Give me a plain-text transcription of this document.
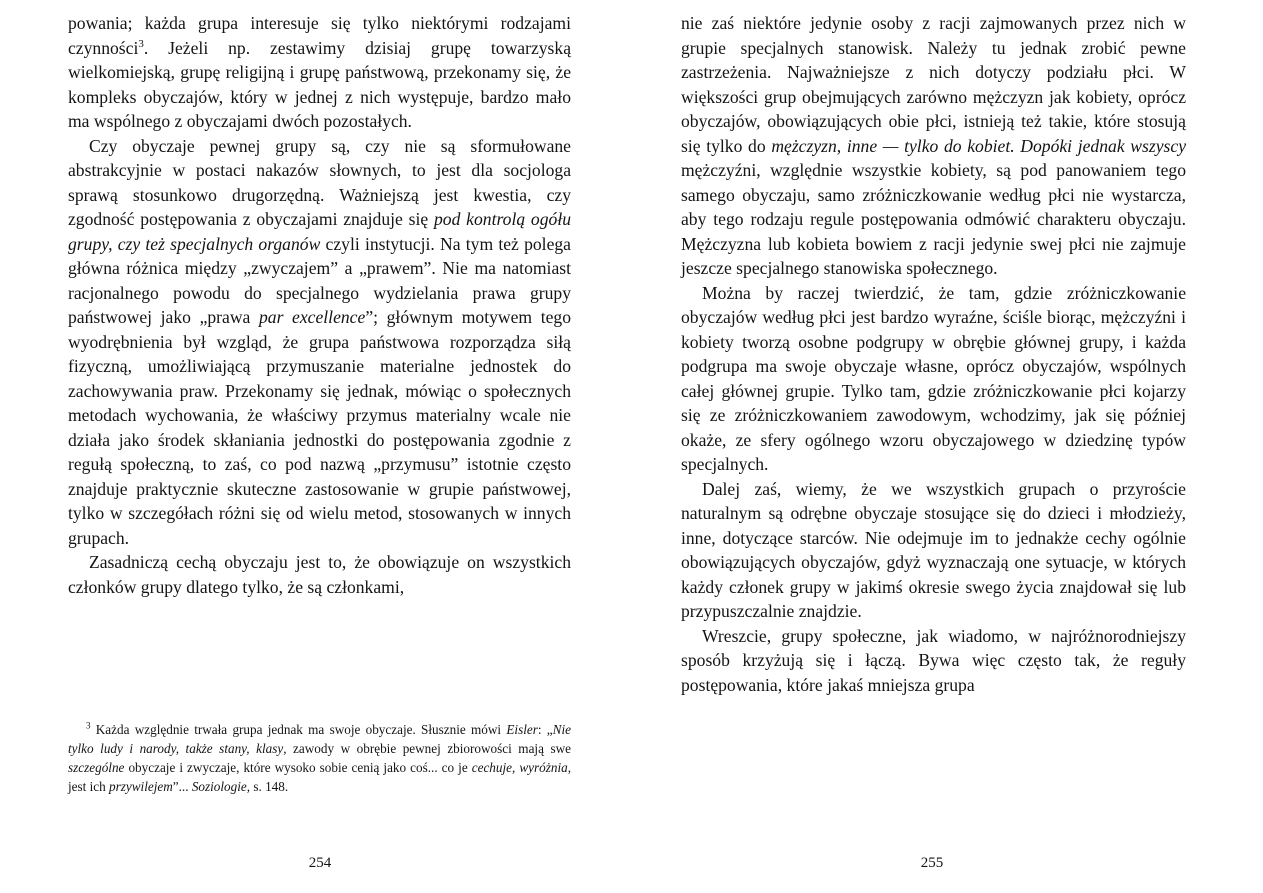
powania; każda grupa interesuje się tylko niektórymi rodzajami czynności$^3$. Jeżeli np. zestawimy dzisiaj grupę towarzyską wielkomiejską, grupę religijną i grupę państwową, przekonamy się, że kompleks obyczajów, który w jednej z nich występuje, bardzo mało ma wspólnego z obyczajami dwóch pozostałych.

Czy obyczaje pewnej grupy są, czy nie są sformułowane abstrakcyjnie w postaci nakazów słownych, to jest dla socjologa sprawą stosunkowo drugorzędną. Ważniejszą jest kwestia, czy zgodność postępowania z obyczajami znajduje się pod kontrolą ogółu grupy, czy też specjalnych organów czyli instytucji. Na tym też polega główna różnica między „zwyczajem” a „prawem”. Nie ma natomiast racjonalnego powodu do specjalnego wydzielania prawa grupy państwowej jako „prawa par excellence”; głównym motywem tego wyodrębnienia był wzgląd, że grupa państwowa rozporządza siłą fizyczną, umożliwiającą przymuszanie materialne jednostek do zachowywania praw. Przekonamy się jednak, mówiąc o społecznych metodach wychowania, że właściwy przymus materialny wcale nie działa jako środek skłaniania jednostki do postępowania zgodnie z regułą społeczną, to zaś, co pod nazwą „przymusu” istotnie często znajduje praktycznie skuteczne zastosowanie w grupie państwowej, tylko w szczegółach różni się od wielu metod, stosowanych w innych grupach.

Zasadniczą cechą obyczaju jest to, że obowiązuje on wszystkich członków grupy dlatego tylko, że są członkami,

$^3$ Każda względnie trwała grupa jednak ma swoje obyczaje. Słusznie mówi Eisler: „Nie tylko ludy i narody, także stany, klasy, zawody w obrębie pewnej zbiorowości mają swe szczególne obyczaje i zwyczaje, które wysoko sobie cenią jako coś... co je cechuje, wyróżnia, jest ich przywilejem”... Soziologie, s. 148.

254

nie zaś niektóre jedynie osoby z racji zajmowanych przez nich w grupie specjalnych stanowisk. Należy tu jednak zrobić pewne zastrzeżenia. Najważniejsze z nich dotyczy podziału płci. W większości grup obejmujących zarówno mężczyzn jak kobiety, oprócz obyczajów, obowiązujących obie płci, istnieją też takie, które stosują się tylko do mężczyzn, inne — tylko do kobiet. Dopóki jednak wszyscy mężczyźni, względnie wszystkie kobiety, są pod panowaniem tego samego obyczaju, samo zróżniczkowanie według płci nie wystarcza, aby tego rodzaju regule postępowania odmówić charakteru obyczaju. Mężczyzna lub kobieta bowiem z racji jedynie swej płci nie zajmuje jeszcze specjalnego stanowiska społecznego.

Można by raczej twierdzić, że tam, gdzie zróżniczkowanie obyczajów według płci jest bardzo wyraźne, ściśle biorąc, mężczyźni i kobiety tworzą osobne podgrupy w obrębie głównej grupy, i każda podgrupa ma swoje obyczaje własne, oprócz obyczajów, wspólnych całej głównej grupie. Tylko tam, gdzie zróżniczkowanie płci kojarzy się ze zróżniczkowaniem zawodowym, wchodzimy, jak się później okaże, ze sfery ogólnego wzoru obyczajowego w dziedzinę typów specjalnych.

Dalej zaś, wiemy, że we wszystkich grupach o przyroście naturalnym są odrębne obyczaje stosujące się do dzieci i młodzieży, inne, dotyczące starców. Nie odejmuje im to jednakże cechy ogólnie obowiązujących obyczajów, gdyż wyznaczają one sytuacje, w których każdy członek grupy w jakimś okresie swego życia znajdował się lub przypuszczalnie znajdzie.

Wreszcie, grupy społeczne, jak wiadomo, w najróżnorodniejszy sposób krzyżują się i łączą. Bywa więc często tak, że reguły postępowania, które jakaś mniejsza grupa

255
